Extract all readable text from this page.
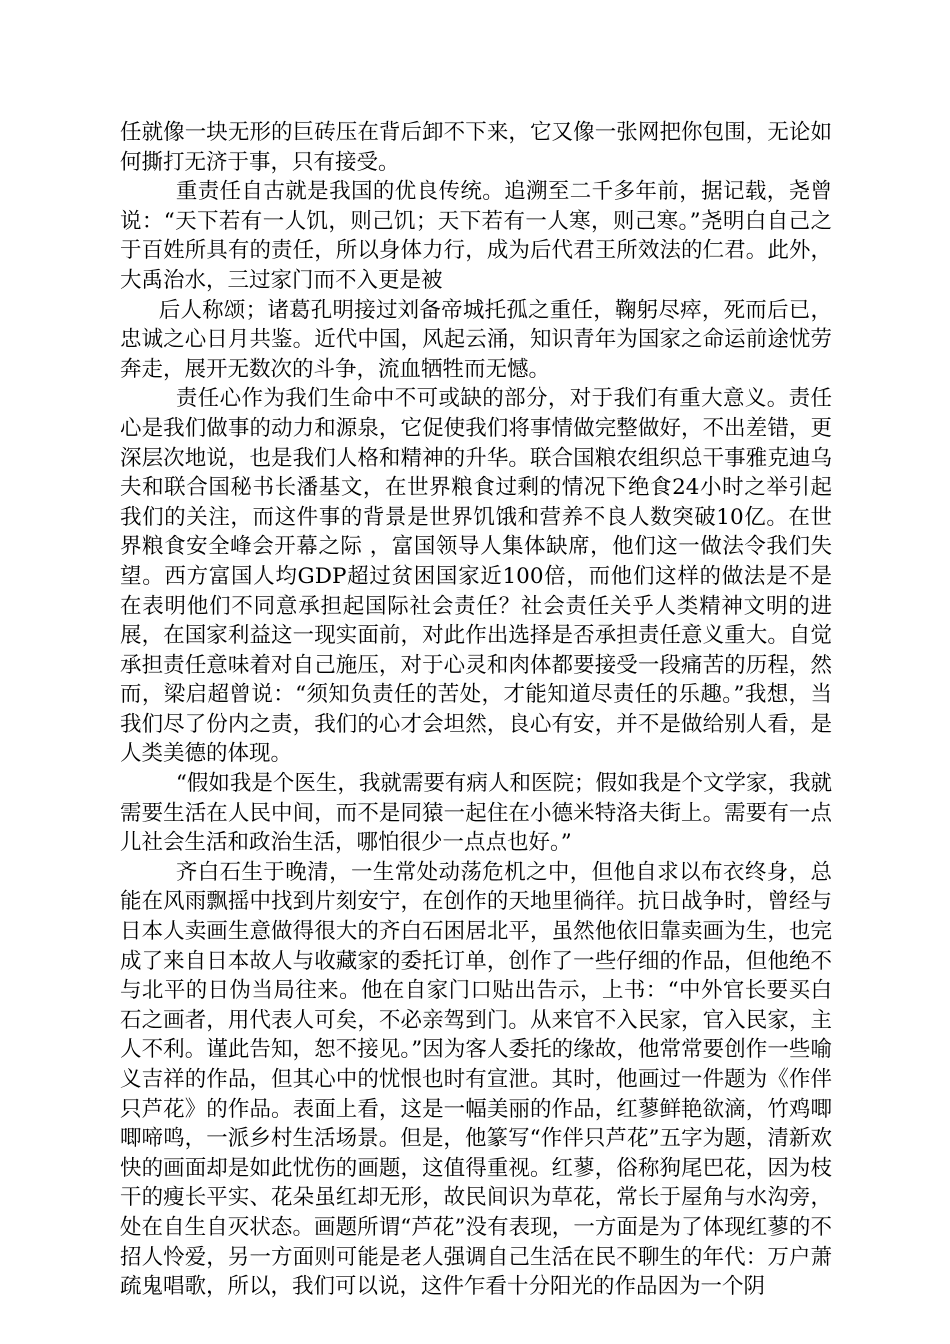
任就像一块无形的巨砖压在背后卸不下来，它又像一张网把你包围，无论如何撕打无济于事，只有接受。

重责任自古就是我国的优良传统。追溯至二千多年前，据记载，尧曾说：“天下若有一人饥，则己饥；天下若有一人寒，则己寒。”尧明白自己之于百姓所具有的责任，所以身体力行，成为后代君王所效法的仁君。此外，大禹治水，三过家门而不入更是被

后人称颂；诸葛孔明接过刘备帝城托孤之重任，鞠躬尽瘁，死而后已，忠诚之心日月共鉴。近代中国，风起云涌，知识青年为国家之命运前途忧劳奔走，展开无数次的斗争，流血牺牲而无憾。

责任心作为我们生命中不可或缺的部分，对于我们有重大意义。责任心是我们做事的动力和源泉，它促使我们将事情做完整做好，不出差错，更深层次地说，也是我们人格和精神的升华。联合国粮农组织总干事雅克迪乌夫和联合国秘书长潘基文，在世界粮食过剩的情况下绝食24小时之举引起我们的关注，而这件事的背景是世界饥饿和营养不良人数突破10亿。在世界粮食安全峰会开幕之际 ，富国领导人集体缺席，他们这一做法令我们失望。西方富国人均GDP超过贫困国家近100倍，而他们这样的做法是不是在表明他们不同意承担起国际社会责任？社会责任关乎人类精神文明的进展，在国家利益这一现实面前，对此作出选择是否承担责任意义重大。自觉承担责任意味着对自己施压，对于心灵和肉体都要接受一段痛苦的历程，然而，梁启超曾说：“须知负责任的苦处，才能知道尽责任的乐趣。”我想，当我们尽了份内之责，我们的心才会坦然，良心有安，并不是做给别人看，是人类美德的体现。

“假如我是个医生，我就需要有病人和医院；假如我是个文学家，我就需要生活在人民中间，而不是同猿一起住在小德米特洛夫街上。需要有一点儿社会生活和政治生活，哪怕很少一点点也好。”

齐白石生于晚清，一生常处动荡危机之中，但他自求以布衣终身，总能在风雨飘摇中找到片刻安宁，在创作的天地里徜徉。抗日战争时，曾经与日本人卖画生意做得很大的齐白石困居北平，虽然他依旧靠卖画为生，也完成了来自日本故人与收藏家的委托订单，创作了一些仔细的作品，但他绝不与北平的日伪当局往来。他在自家门口贴出告示，上书：“中外官长要买白石之画者，用代表人可矣，不必亲驾到门。从来官不入民家，官入民家，主人不利。谨此告知，恕不接见。”因为客人委托的缘故，他常常要创作一些喻义吉祥的作品，但其心中的忧恨也时有宣泄。其时，他画过一件题为《作伴只芦花》的作品。表面上看，这是一幅美丽的作品，红蓼鲜艳欲滴，竹鸡唧唧啼鸣，一派乡村生活场景。但是，他篆写“作伴只芦花”五字为题，清新欢快的画面却是如此忧伤的画题，这值得重视。红蓼，俗称狗尾巴花，因为枝干的瘦长平实、花朵虽红却无形，故民间识为草花，常长于屋角与水沟旁，处在自生自灭状态。画题所谓“芦花”没有表现，一方面是为了体现红蓼的不招人怜爱，另一方面则可能是老人强调自己生活在民不聊生的年代：万户萧疏鬼唱歌，所以，我们可以说，这件乍看十分阳光的作品因为一个阴
